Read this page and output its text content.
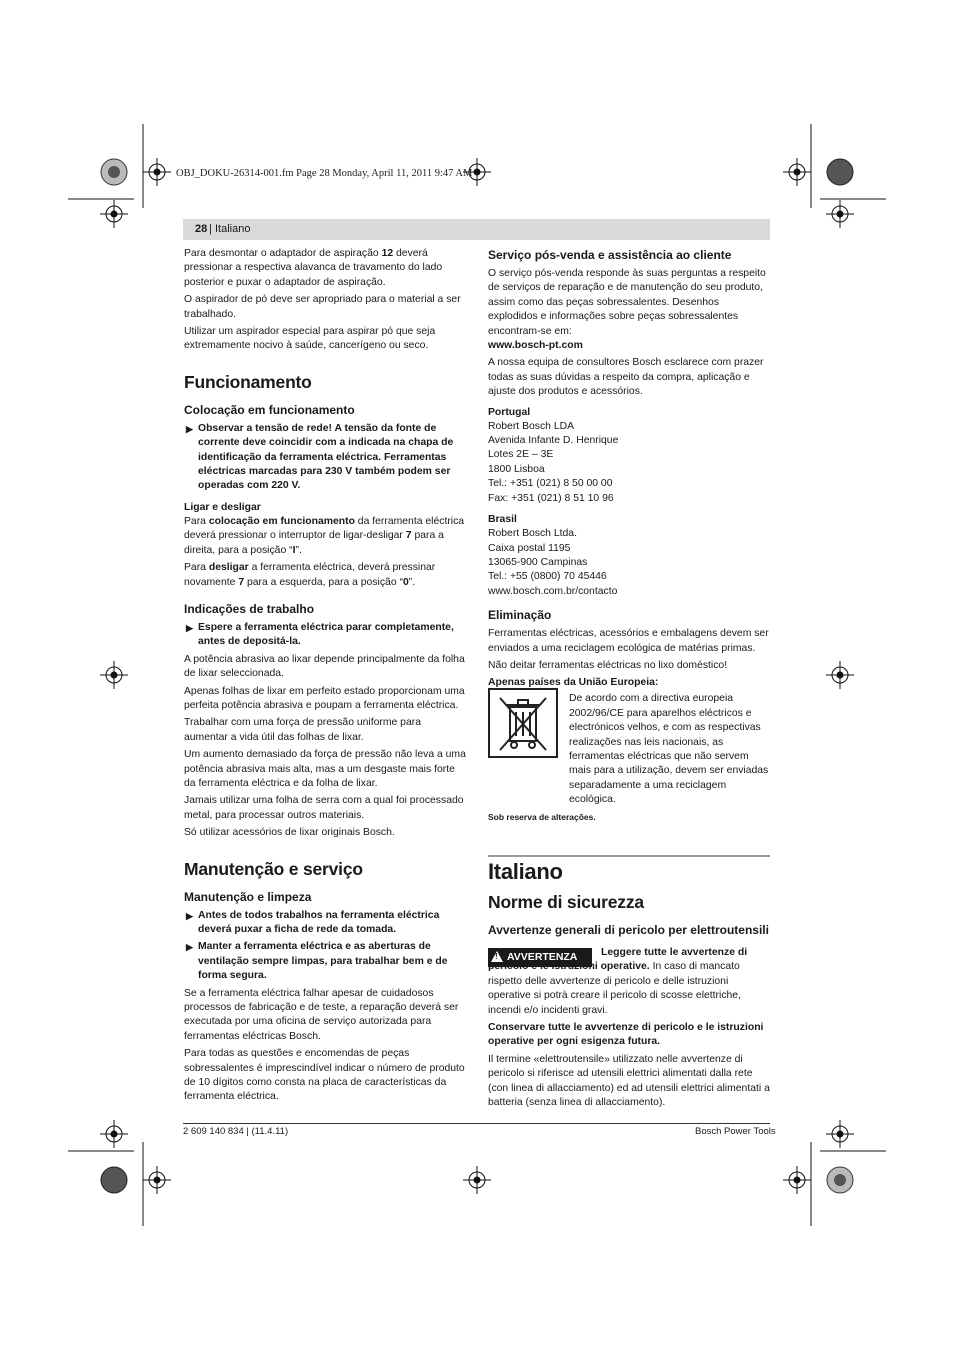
OBJ_DOKU-26314-001.fm Page 28 Monday, April 11, 2011 9:47 AM
28 | Italiano

Para desmontar o adaptador de aspiração 12 deverá pressionar a respectiva alavanca de travamento do lado posterior e puxar o adaptador de aspiração.

O aspirador de pó deve ser apropriado para o material a ser trabalhado.

Utilizar um aspirador especial para aspirar pó que seja extremamente nocivo à saúde, cancerígeno ou seco.

Funcionamento
Colocação em funcionamento
▶ Observar a tensão de rede! A tensão da fonte de corrente deve coincidir com a indicada na chapa de identificação da ferramenta eléctrica. Ferramentas eléctricas marcadas para 230 V também podem ser operadas com 220 V.
Ligar e desligar

Para colocação em funcionamento da ferramenta eléctrica deverá pressionar o interruptor de ligar-desligar 7 para a direita, para a posição “I”.

Para desligar a ferramenta eléctrica, deverá pressinar novamente 7 para a esquerda, para a posição “0”.

Indicações de trabalho
▶ Espere a ferramenta eléctrica parar completamente, antes de depositá-la.

A potência abrasiva ao lixar depende principalmente da folha de lixar seleccionada.

Apenas folhas de lixar em perfeito estado proporcionam uma perfeita potência abrasiva e poupam a ferramenta eléctrica.

Trabalhar com uma força de pressão uniforme para aumentar a vida útil das folhas de lixar.

Um aumento demasiado da força de pressão não leva a uma potência abrasiva mais alta, mas a um desgaste mais forte da ferramenta eléctrica e da folha de lixar.

Jamais utilizar uma folha de serra com a qual foi processado metal, para processar outros materiais.

Só utilizar acessórios de lixar originais Bosch.

Manutenção e serviço
Manutenção e limpeza
▶ Antes de todos trabalhos na ferramenta eléctrica deverá puxar a ficha de rede da tomada.
▶ Manter a ferramenta eléctrica e as aberturas de ventilação sempre limpas, para trabalhar bem e de forma segura.

Se a ferramenta eléctrica falhar apesar de cuidadosos processos de fabricação e de teste, a reparação deverá ser executada por uma oficina de serviço autorizada para ferramentas eléctricas Bosch.

Para todas as questões e encomendas de peças sobressalentes é imprescindível indicar o número de produto de 10 dígitos como consta na placa de características da ferramenta eléctrica.

Serviço pós-venda e assistência ao cliente

O serviço pós-venda responde às suas perguntas a respeito de serviços de reparação e de manutenção do seu produto, assim como das peças sobressalentes. Desenhos explodidos e informações sobre peças sobressalentes encontram-se em:

www.bosch-pt.com

A nossa equipa de consultores Bosch esclarece com prazer todas as suas dúvidas a respeito da compra, aplicação e ajuste dos produtos e acessórios.

Portugal
Robert Bosch LDA
Avenida Infante D. Henrique
Lotes 2E – 3E
1800 Lisboa
Tel.: +351 (021) 8 50 00 00
Fax: +351 (021) 8 51 10 96
Brasil
Robert Bosch Ltda.
Caixa postal 1195
13065-900 Campinas
Tel.: +55 (0800) 70 45446
www.bosch.com.br/contacto
Eliminação

Ferramentas eléctricas, acessórios e embalagens devem ser enviados a uma reciclagem ecológica de matérias primas.

Não deitar ferramentas eléctricas no lixo doméstico!

Apenas países da União Europeia:

De acordo com a directiva europeia 2002/96/CE para aparelhos eléctricos e electrónicos velhos, e com as respectivas realizações nas leis nacionais, as ferramentas eléctricas que não servem mais para a utilização, devem ser enviadas separadamente a uma reciclagem ecológica.

Sob reserva de alterações.
Italiano
Norme di sicurezza
Avvertenze generali di pericolo per elettroutensili
! AVVERTENZA	Leggere tutte le avvertenze di pericolo e le istruzioni operative. In caso di mancato rispetto delle avvertenze di pericolo e delle istruzioni operative si potrà creare il pericolo di scosse elettriche, incendi e/o incidenti gravi.

Conservare tutte le avvertenze di pericolo e le istruzioni operative per ogni esigenza futura.

Il termine «elettroutensile» utilizzato nelle avvertenze di pericolo si riferisce ad utensili elettrici alimentati dalla rete (con linea di allacciamento) ed ad utensili elettrici alimentati a batteria (senza linea di allacciamento).

2 609 140 834 | (11.4.11)	Bosch Power Tools
